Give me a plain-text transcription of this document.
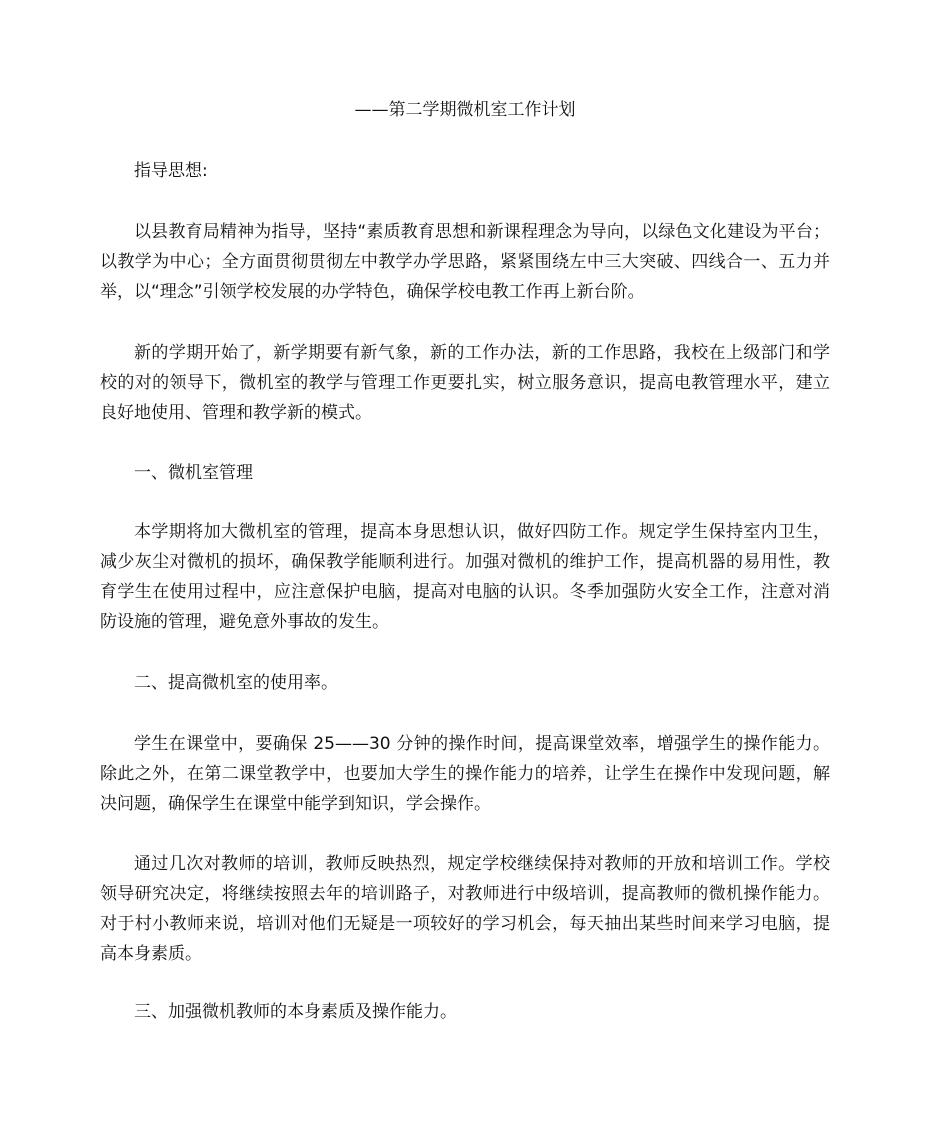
——第二学期微机室工作计划

指导思想:

以县教育局精神为指导，坚持“素质教育思想和新课程理念为导向，以绿色文化建设为平台；以教学为中心；全方面贯彻贯彻左中教学办学思路，紧紧围绕左中三大突破、四线合一、五力并举，以“理念”引领学校发展的办学特色，确保学校电教工作再上新台阶。

新的学期开始了，新学期要有新气象，新的工作办法，新的工作思路，我校在上级部门和学校的对的领导下，微机室的教学与管理工作更要扎实，树立服务意识，提高电教管理水平，建立良好地使用、管理和教学新的模式。

一、微机室管理

本学期将加大微机室的管理，提高本身思想认识，做好四防工作。规定学生保持室内卫生，减少灰尘对微机的损坏，确保教学能顺利进行。加强对微机的维护工作，提高机器的易用性，教育学生在使用过程中，应注意保护电脑，提高对电脑的认识。冬季加强防火安全工作，注意对消防设施的管理，避免意外事故的发生。

二、提高微机室的使用率。

学生在课堂中，要确保 25——30 分钟的操作时间，提高课堂效率，增强学生的操作能力。除此之外，在第二课堂教学中，也要加大学生的操作能力的培养，让学生在操作中发现问题，解决问题，确保学生在课堂中能学到知识，学会操作。

通过几次对教师的培训，教师反映热烈，规定学校继续保持对教师的开放和培训工作。学校领导研究决定，将继续按照去年的培训路子，对教师进行中级培训，提高教师的微机操作能力。对于村小教师来说，培训对他们无疑是一项较好的学习机会，每天抽出某些时间来学习电脑，提高本身素质。

三、加强微机教师的本身素质及操作能力。
